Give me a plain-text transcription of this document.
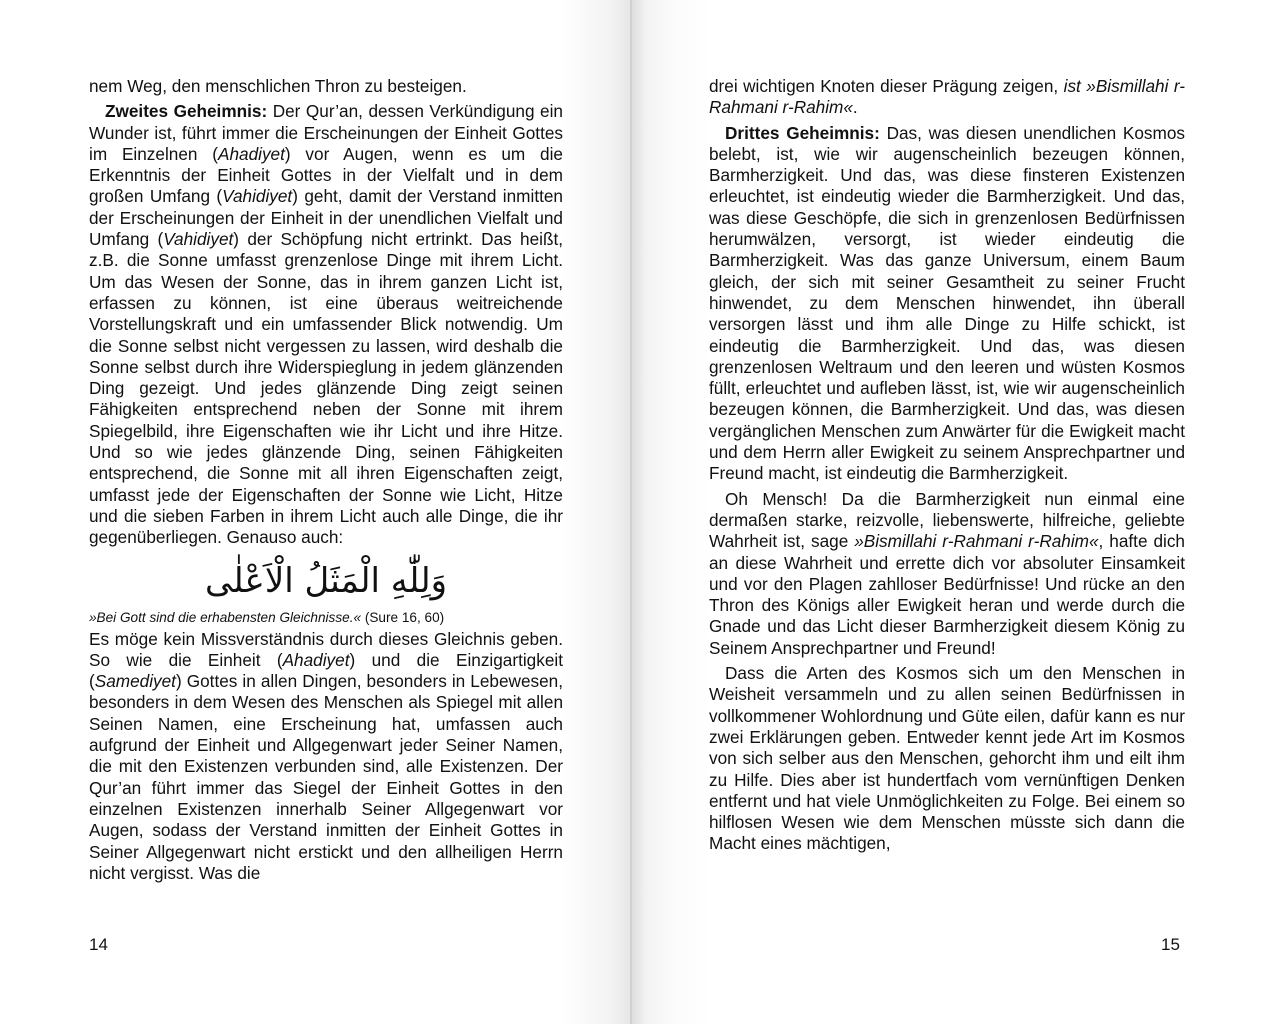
nem Weg, den menschlichen Thron zu besteigen.

Zweites Geheimnis: Der Qur’an, dessen Verkündigung ein Wunder ist, führt immer die Erscheinungen der Einheit Gottes im Einzelnen (Ahadiyet) vor Augen, wenn es um die Erkenntnis der Einheit Gottes in der Vielfalt und in dem großen Umfang (Vahidiyet) geht, damit der Verstand inmitten der Erscheinungen der Einheit in der unendlichen Vielfalt und Umfang (Vahidiyet) der Schöpfung nicht ertrinkt. Das heißt, z.B. die Sonne umfasst grenzenlose Dinge mit ihrem Licht. Um das Wesen der Sonne, das in ihrem ganzen Licht ist, erfassen zu können, ist eine überaus weitreichende Vorstellungskraft und ein umfassender Blick notwendig. Um die Sonne selbst nicht vergessen zu lassen, wird deshalb die Sonne selbst durch ihre Widerspieglung in jedem glänzenden Ding gezeigt. Und jedes glänzende Ding zeigt seinen Fähigkeiten entsprechend neben der Sonne mit ihrem Spiegelbild, ihre Eigenschaften wie ihr Licht und ihre Hitze. Und so wie jedes glänzende Ding, seinen Fähigkeiten entsprechend, die Sonne mit all ihren Eigenschaften zeigt, umfasst jede der Eigenschaften der Sonne wie Licht, Hitze und die sieben Farben in ihrem Licht auch alle Dinge, die ihr gegenüberliegen. Genauso auch:

وَلِلّٰهِ الْمَثَلُ الْاَعْلٰى
»Bei Gott sind die erhabensten Gleichnisse.« (Sure 16, 60)

Es möge kein Missverständnis durch dieses Gleichnis geben. So wie die Einheit (Ahadiyet) und die Einzigartigkeit (Samediyet) Gottes in allen Dingen, besonders in Lebewesen, besonders in dem Wesen des Menschen als Spiegel mit allen Seinen Namen, eine Erscheinung hat, umfassen auch aufgrund der Einheit und Allgegenwart jeder Seiner Namen, die mit den Existenzen verbunden sind, alle Existenzen. Der Qur’an führt immer das Siegel der Einheit Gottes in den einzelnen Existenzen innerhalb Seiner Allgegenwart vor Augen, sodass der Verstand inmitten der Einheit Gottes in Seiner Allgegenwart nicht erstickt und den allheiligen Herrn nicht vergisst. Was die

14

drei wichtigen Knoten dieser Prägung zeigen, ist »Bismillahi r-Rahmani r-Rahim«.

Drittes Geheimnis: Das, was diesen unendlichen Kosmos belebt, ist, wie wir augenscheinlich bezeugen können, Barmherzigkeit. Und das, was diese finsteren Existenzen erleuchtet, ist eindeutig wieder die Barmherzigkeit. Und das, was diese Geschöpfe, die sich in grenzenlosen Bedürfnissen herumwälzen, versorgt, ist wieder eindeutig die Barmherzigkeit. Was das ganze Universum, einem Baum gleich, der sich mit seiner Gesamtheit zu seiner Frucht hinwendet, zu dem Menschen hinwendet, ihn überall versorgen lässt und ihm alle Dinge zu Hilfe schickt, ist eindeutig die Barmherzigkeit. Und das, was diesen grenzenlosen Weltraum und den leeren und wüsten Kosmos füllt, erleuchtet und aufleben lässt, ist, wie wir augenscheinlich bezeugen können, die Barmherzigkeit. Und das, was diesen vergänglichen Menschen zum Anwärter für die Ewigkeit macht und dem Herrn aller Ewigkeit zu seinem Ansprechpartner und Freund macht, ist eindeutig die Barmherzigkeit.

Oh Mensch! Da die Barmherzigkeit nun einmal eine dermaßen starke, reizvolle, liebenswerte, hilfreiche, geliebte Wahrheit ist, sage »Bismillahi r-Rahmani r-Rahim«, hafte dich an diese Wahrheit und errette dich vor absoluter Einsamkeit und vor den Plagen zahlloser Bedürfnisse! Und rücke an den Thron des Königs aller Ewigkeit heran und werde durch die Gnade und das Licht dieser Barmherzigkeit diesem König zu Seinem Ansprechpartner und Freund!

Dass die Arten des Kosmos sich um den Menschen in Weisheit versammeln und zu allen seinen Bedürfnissen in vollkommener Wohlordnung und Güte eilen, dafür kann es nur zwei Erklärungen geben. Entweder kennt jede Art im Kosmos von sich selber aus den Menschen, gehorcht ihm und eilt ihm zu Hilfe. Dies aber ist hundertfach vom vernünftigen Denken entfernt und hat viele Unmöglichkeiten zu Folge. Bei einem so hilflosen Wesen wie dem Menschen müsste sich dann die Macht eines mächtigen,

15
